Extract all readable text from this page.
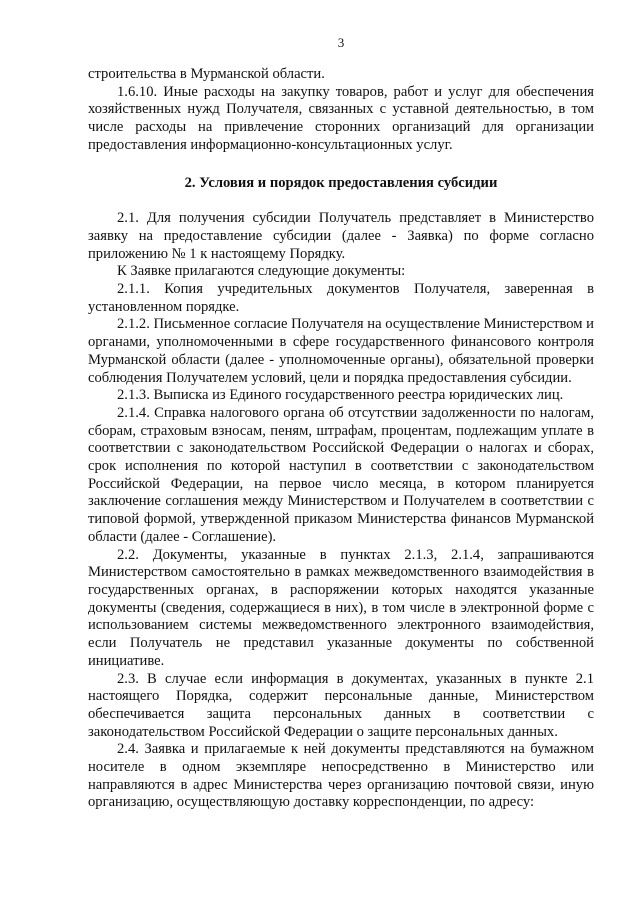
3

строительства в Мурманской области.

1.6.10. Иные расходы на закупку товаров, работ и услуг для обеспечения хозяйственных нужд Получателя, связанных с уставной деятельностью, в том числе расходы на привлечение сторонних организаций для организации предоставления информационно-консультационных услуг.

2. Условия и порядок предоставления субсидии

2.1. Для получения субсидии Получатель представляет в Министерство заявку на предоставление субсидии (далее - Заявка) по форме согласно приложению № 1 к настоящему Порядку.

К Заявке прилагаются следующие документы:

2.1.1. Копия учредительных документов Получателя, заверенная в установленном порядке.

2.1.2. Письменное согласие Получателя на осуществление Министерством и органами, уполномоченными в сфере государственного финансового контроля Мурманской области (далее - уполномоченные органы), обязательной проверки соблюдения Получателем условий, цели и порядка предоставления субсидии.

2.1.3. Выписка из Единого государственного реестра юридических лиц.

2.1.4. Справка налогового органа об отсутствии задолженности по налогам, сборам, страховым взносам, пеням, штрафам, процентам, подлежащим уплате в соответствии с законодательством Российской Федерации о налогах и сборах, срок исполнения по которой наступил в соответствии с законодательством Российской Федерации, на первое число месяца, в котором планируется заключение соглашения между Министерством и Получателем в соответствии с типовой формой, утвержденной приказом Министерства финансов Мурманской области (далее - Соглашение).

2.2. Документы, указанные в пунктах 2.1.3, 2.1.4, запрашиваются Министерством самостоятельно в рамках межведомственного взаимодействия в государственных органах, в распоряжении которых находятся указанные документы (сведения, содержащиеся в них), в том числе в электронной форме с использованием системы межведомственного электронного взаимодействия, если Получатель не представил указанные документы по собственной инициативе.

2.3. В случае если информация в документах, указанных в пункте 2.1 настоящего Порядка, содержит персональные данные, Министерством обеспечивается защита персональных данных в соответствии с законодательством Российской Федерации о защите персональных данных.

2.4. Заявка и прилагаемые к ней документы представляются на бумажном носителе в одном экземпляре непосредственно в Министерство или направляются в адрес Министерства через организацию почтовой связи, иную организацию, осуществляющую доставку корреспонденции, по адресу:
